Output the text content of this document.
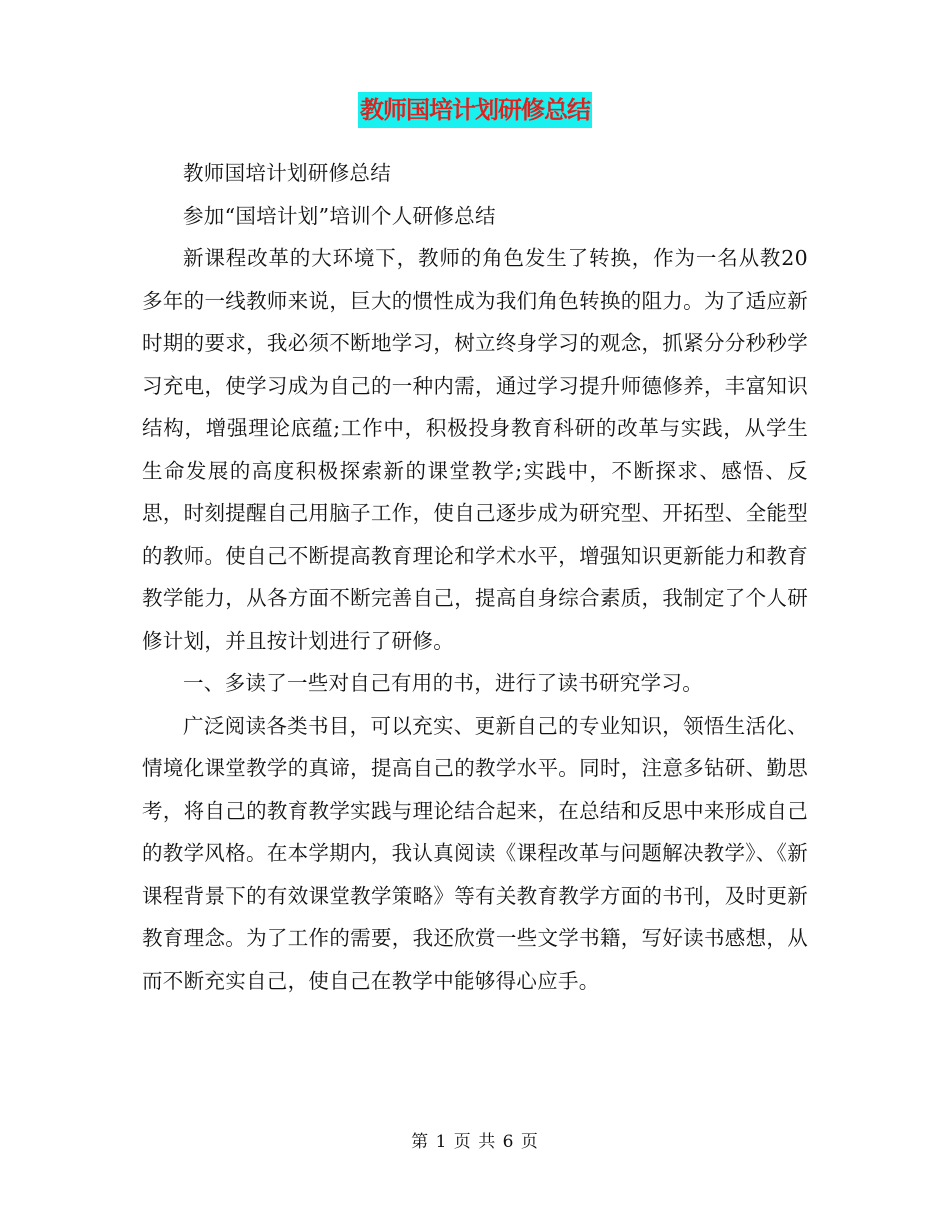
教师国培计划研修总结

教师国培计划研修总结

参加“国培计划”培训个人研修总结

新课程改革的大环境下，教师的角色发生了转换，作为一名从教20多年的一线教师来说，巨大的惯性成为我们角色转换的阻力。为了适应新时期的要求，我必须不断地学习，树立终身学习的观念，抓紧分分秒秒学习充电，使学习成为自己的一种内需，通过学习提升师德修养，丰富知识结构，增强理论底蕴;工作中，积极投身教育科研的改革与实践，从学生生命发展的高度积极探索新的课堂教学;实践中，不断探求、感悟、反思，时刻提醒自己用脑子工作，使自己逐步成为研究型、开拓型、全能型的教师。使自己不断提高教育理论和学术水平，增强知识更新能力和教育教学能力，从各方面不断完善自己，提高自身综合素质，我制定了个人研修计划，并且按计划进行了研修。

一、多读了一些对自己有用的书，进行了读书研究学习。

广泛阅读各类书目，可以充实、更新自己的专业知识，领悟生活化、情境化课堂教学的真谛，提高自己的教学水平。同时，注意多钻研、勤思考，将自己的教育教学实践与理论结合起来，在总结和反思中来形成自己的教学风格。在本学期内，我认真阅读《课程改革与问题解决教学》、《新课程背景下的有效课堂教学策略》等有关教育教学方面的书刊，及时更新教育理念。为了工作的需要，我还欣赏一些文学书籍，写好读书感想，从而不断充实自己，使自己在教学中能够得心应手。

第 1 页 共 6 页
